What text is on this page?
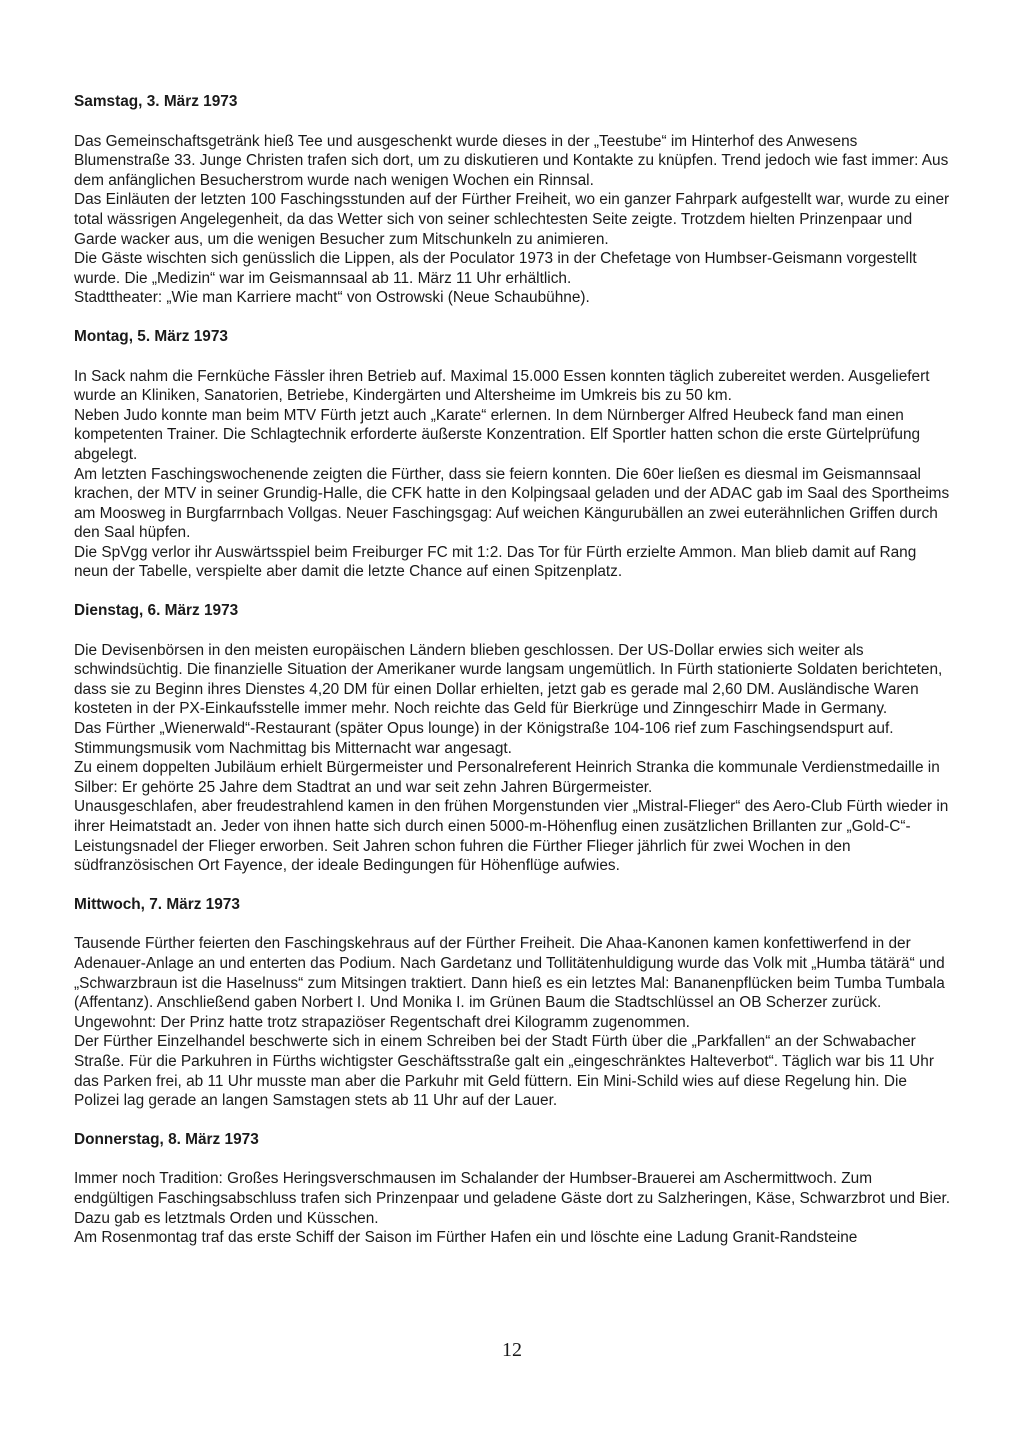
Samstag, 3. März 1973

Das Gemeinschaftsgetränk hieß Tee und ausgeschenkt wurde dieses in der „Teestube“ im Hinterhof des Anwesens Blumenstraße 33. Junge Christen trafen sich dort, um zu diskutieren und Kontakte zu knüpfen. Trend jedoch wie fast immer: Aus dem anfänglichen Besucherstrom wurde nach wenigen Wochen ein Rinnsal.

Das Einläuten der letzten 100 Faschingsstunden auf der Fürther Freiheit, wo ein ganzer Fahrpark aufgestellt war, wurde zu einer total wässrigen Angelegenheit, da das Wetter sich von seiner schlechtesten Seite zeigte. Trotzdem hielten Prinzenpaar und Garde wacker aus, um die wenigen Besucher zum Mitschunkeln zu animieren.

Die Gäste wischten sich genüsslich die Lippen, als der Poculator 1973 in der Chefetage von Humbser-Geismann vorgestellt wurde. Die „Medizin“ war im Geismannsaal ab 11. März 11 Uhr erhältlich.

Stadttheater: „Wie man Karriere macht“ von Ostrowski (Neue Schaubühne).

Montag, 5. März 1973

In Sack nahm die Fernküche Fässler ihren Betrieb auf. Maximal 15.000 Essen konnten täglich zubereitet werden. Ausgeliefert wurde an Kliniken, Sanatorien, Betriebe, Kindergärten und Altersheime im Umkreis bis zu 50 km.

Neben Judo konnte man beim MTV Fürth jetzt auch „Karate“ erlernen. In dem Nürnberger Alfred Heubeck fand man einen kompetenten Trainer. Die Schlagtechnik erforderte äußerste Konzentration. Elf Sportler hatten schon die erste Gürtelprüfung abgelegt.

Am letzten Faschingswochenende zeigten die Fürther, dass sie feiern konnten. Die 60er ließen es diesmal im Geismannsaal krachen, der MTV in seiner Grundig-Halle, die CFK hatte in den Kolpingsaal geladen und der ADAC gab im Saal des Sportheims am Moosweg in Burgfarrnbach Vollgas. Neuer Faschingsgag: Auf weichen Kängurubällen an zwei euterähnlichen Griffen durch den Saal hüpfen.

Die SpVgg verlor ihr Auswärtsspiel beim Freiburger FC mit 1:2. Das Tor für Fürth erzielte Ammon. Man blieb damit auf Rang neun der Tabelle, verspielte aber damit die letzte Chance auf einen Spitzenplatz.

Dienstag, 6. März 1973

Die Devisenbörsen in den meisten europäischen Ländern blieben geschlossen. Der US-Dollar erwies sich weiter als schwindsüchtig. Die finanzielle Situation der Amerikaner wurde langsam ungemütlich. In Fürth stationierte Soldaten berichteten, dass sie zu Beginn ihres Dienstes 4,20 DM für einen Dollar erhielten, jetzt gab es gerade mal 2,60 DM. Ausländische Waren kosteten in der PX-Einkaufsstelle immer mehr. Noch reichte das Geld für Bierkrüge und Zinngeschirr Made in Germany.

Das Fürther „Wienerwald“-Restaurant (später Opus lounge) in der Königstraße 104-106 rief zum Faschingsendspurt auf. Stimmungsmusik vom Nachmittag bis Mitternacht war angesagt.

Zu einem doppelten Jubiläum erhielt Bürgermeister und Personalreferent Heinrich Stranka die kommunale Verdienstmedaille in Silber: Er gehörte 25 Jahre dem Stadtrat an und war seit zehn Jahren Bürgermeister.

Unausgeschlafen, aber freudestrahlend kamen in den frühen Morgenstunden vier „Mistral-Flieger“ des Aero-Club Fürth wieder in ihrer Heimatstadt an. Jeder von ihnen hatte sich durch einen 5000-m-Höhenflug einen zusätzlichen Brillanten zur „Gold-C“-Leistungsnadel der Flieger erworben. Seit Jahren schon fuhren die Fürther Flieger jährlich für zwei Wochen in den südfranzösischen Ort Fayence, der ideale Bedingungen für Höhenflüge aufwies.

Mittwoch, 7. März 1973

Tausende Fürther feierten den Faschingskehraus auf der Fürther Freiheit. Die Ahaa-Kanonen kamen konfettiwerfend in der Adenauer-Anlage an und enterten das Podium. Nach Gardetanz und Tollitätenhuldigung wurde das Volk mit „Humba tätärä“ und „Schwarzbraun ist die Haselnuss“ zum Mitsingen traktiert. Dann hieß es ein letztes Mal: Bananenpflücken beim Tumba Tumbala (Affentanz). Anschließend gaben Norbert I. Und Monika I. im Grünen Baum die Stadtschlüssel an OB Scherzer zurück. Ungewohnt: Der Prinz hatte trotz strapaziöser Regentschaft drei Kilogramm zugenommen.

Der Fürther Einzelhandel beschwerte sich in einem Schreiben bei der Stadt Fürth über die „Parkfallen“ an der Schwabacher Straße. Für die Parkuhren in Fürths wichtigster Geschäftsstraße galt ein „eingeschränktes Halteverbot“. Täglich war bis 11 Uhr das Parken frei, ab 11 Uhr musste man aber die Parkuhr mit Geld füttern. Ein Mini-Schild wies auf diese Regelung hin. Die Polizei lag gerade an langen Samstagen stets ab 11 Uhr auf der Lauer.

Donnerstag, 8. März 1973

Immer noch Tradition: Großes Heringsverschmausen im Schalander der Humbser-Brauerei am Aschermittwoch. Zum endgültigen Faschingsabschluss trafen sich Prinzenpaar und geladene Gäste dort zu Salzheringen, Käse, Schwarzbrot und Bier. Dazu gab es letztmals Orden und Küsschen.

Am Rosenmontag traf das erste Schiff der Saison im Fürther Hafen ein und löschte eine Ladung Granit-Randsteine

12
